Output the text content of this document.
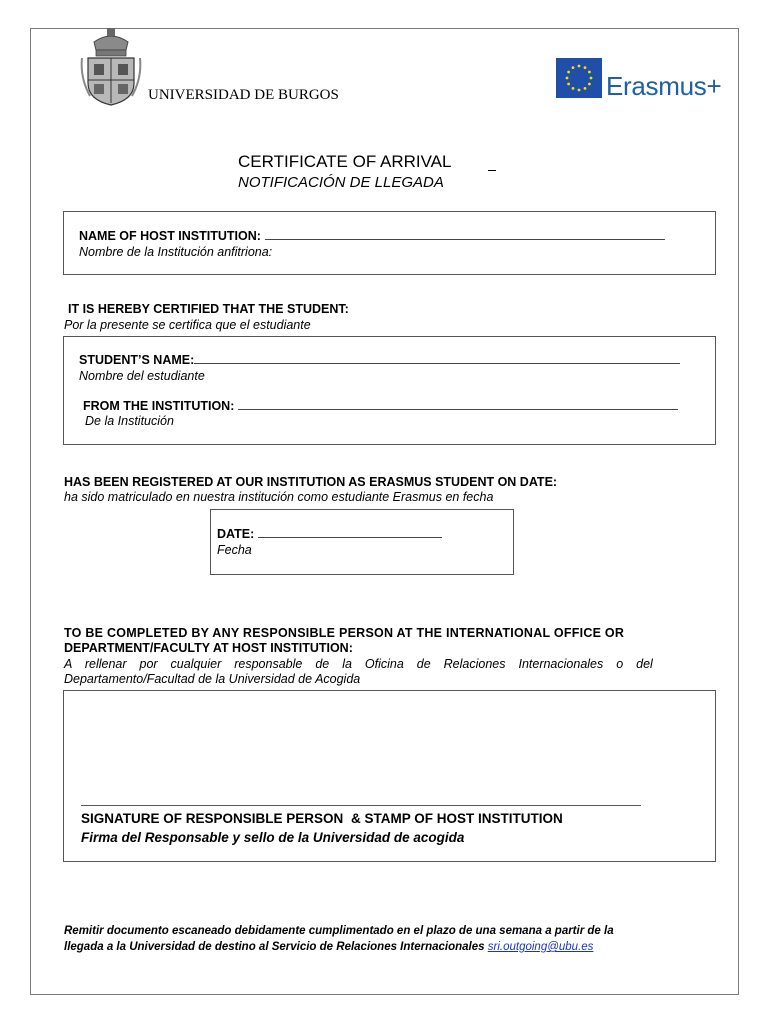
UNIVERSIDAD DE BURGOS	Erasmus+
CERTIFICATE OF ARRIVAL
NOTIFICACIÓN DE LLEGADA
NAME OF HOST INSTITUTION:
Nombre de la Institución anfitriona:
IT IS HEREBY CERTIFIED THAT THE STUDENT:
Por la presente se certifica que el estudiante
STUDENT’S NAME:
Nombre del estudiante
FROM THE INSTITUTION:
De la Institución
HAS BEEN REGISTERED AT OUR INSTITUTION AS ERASMUS STUDENT ON DATE:
ha sido matriculado en nuestra institución como estudiante Erasmus en fecha
DATE:
Fecha
TO BE COMPLETED BY ANY RESPONSIBLE PERSON AT THE INTERNATIONAL OFFICE OR
DEPARTMENT/FACULTY AT HOST INSTITUTION:
A rellenar por cualquier responsable de la Oficina de Relaciones Internacionales o del
Departamento/Facultad de la Universidad de Acogida
SIGNATURE OF RESPONSIBLE PERSON & STAMP OF HOST INSTITUTION
Firma del Responsable y sello de la Universidad de acogida
Remitir documento escaneado debidamente cumplimentado en el plazo de una semana a partir de la
llegada a la Universidad de destino al Servicio de Relaciones Internacionales sri.outgoing@ubu.es
